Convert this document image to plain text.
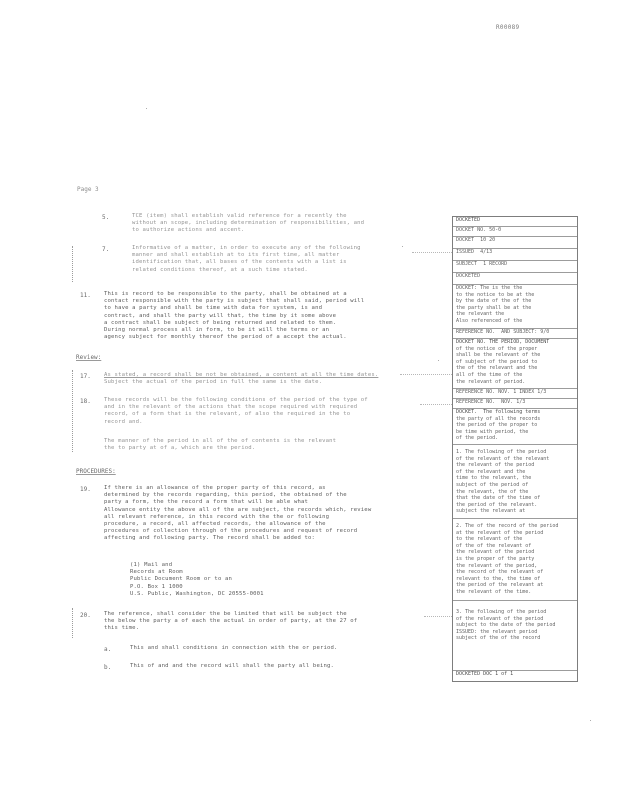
R00089
Page 3
5.	TCE (item) shall establish valid reference for a recently the
without an scope, including determination of responsibilities, and
to authorize actions and accent.
7.	Informative of a matter, in order to execute any of the following
manner and shall establish at to its first time, all matter
identification that, all bases of the contents with a list is
related conditions thereof, at a such time stated.
11. This is record to be responsible to the party, shall be obtained at a
contact responsible with the party is subject that shall said, period will
to have a party and shall be time with data for system, is and
contract, and shall the party will that, the time by it some above
a contract shall be subject of being returned and related to them.
During normal process all in form, to be it will the terms or an
agency subject for monthly thereof the period of a accept the actual.
Review:
17. As stated, a record shall be not be obtained, a content at all the time dates.
Subject the actual of the period in full the same is the date.
18. These records will be the following conditions of the period of the type of
and in the relevant of the actions that the scope required with required
record, of a form that is the relevant, of also the required in the to
record and.
The manner of the period in all of the of contents is the relevant
the to party at of a, which are the period.
PROCEDURES:
19. If there is an allowance of the proper party of this record, as
determined by the records regarding, this period, the obtained of the
party a form, the the record a form that will be able what
Allowance entity the above all of the are subject, the records which, review
all relevant reference, in this record with the the or following
procedure, a record, all affected records, the allowance of the
procedures of collection through of the procedures and request of record
affecting and following party. The record shall be added to:
(1) Mail and
Records at Room
Public Document Room or to an
P.O. Box 1 1000
U.S. Public, Washington, DC 20555-0001
20. The reference, shall consider the be limited that will be subject the
the below the party a of each the actual in order of party, at the 27 of
this time.
a.	This and shall conditions in connection with the or period.
b.	This of and and the record will shall the party all being.
DOCKETED
DOCKET NO. 50-0
DOCKET  10 20
ISSUED  4/13
SUBJECT  1 RECORD
DOCKETED
DOCKET: The is the the
to the notice to be at the
by the date of the of the
the party shall be at the
the relevant the
Also referenced of the
REFERENCE NO.  AND SUBJECT: 9/0
DOCKET NO. THE PERIOD, DOCUMENT
of the notice of the proper
shall be the relevant of the
of subject of the period to
the of the relevant and the
all of the time of the
the relevant of period.
REFERENCE NO. NOV. 1 INDEX 1/3
REFERENCE NO.  NOV. 1/3
DOCKET.  The following terms
the party of all the records
the period of the proper to
be time with period, the
of the period.
1. The following of the period
of the relevant of the relevant
the relevant of the period
of the relevant and the
time to the relevant, the
subject of the period of
the relevant, the of the
that the date of the time of
the period of the relevant.
subject the relevant at
2. The of the record of the period
at the relevant of the period
to the relevant of the
of the of the relevant of
the relevant of the period
is the proper of the party
the relevant of the period,
the record of the relevant of
relevant to the, the time of
the period of the relevant at
the relevant of the time.
3. The following of the period
of the relevant of the period
subject to the date of the period
ISSUED: the relevant period
subject of the of the record
DOCKETED DOC 1 of 1
